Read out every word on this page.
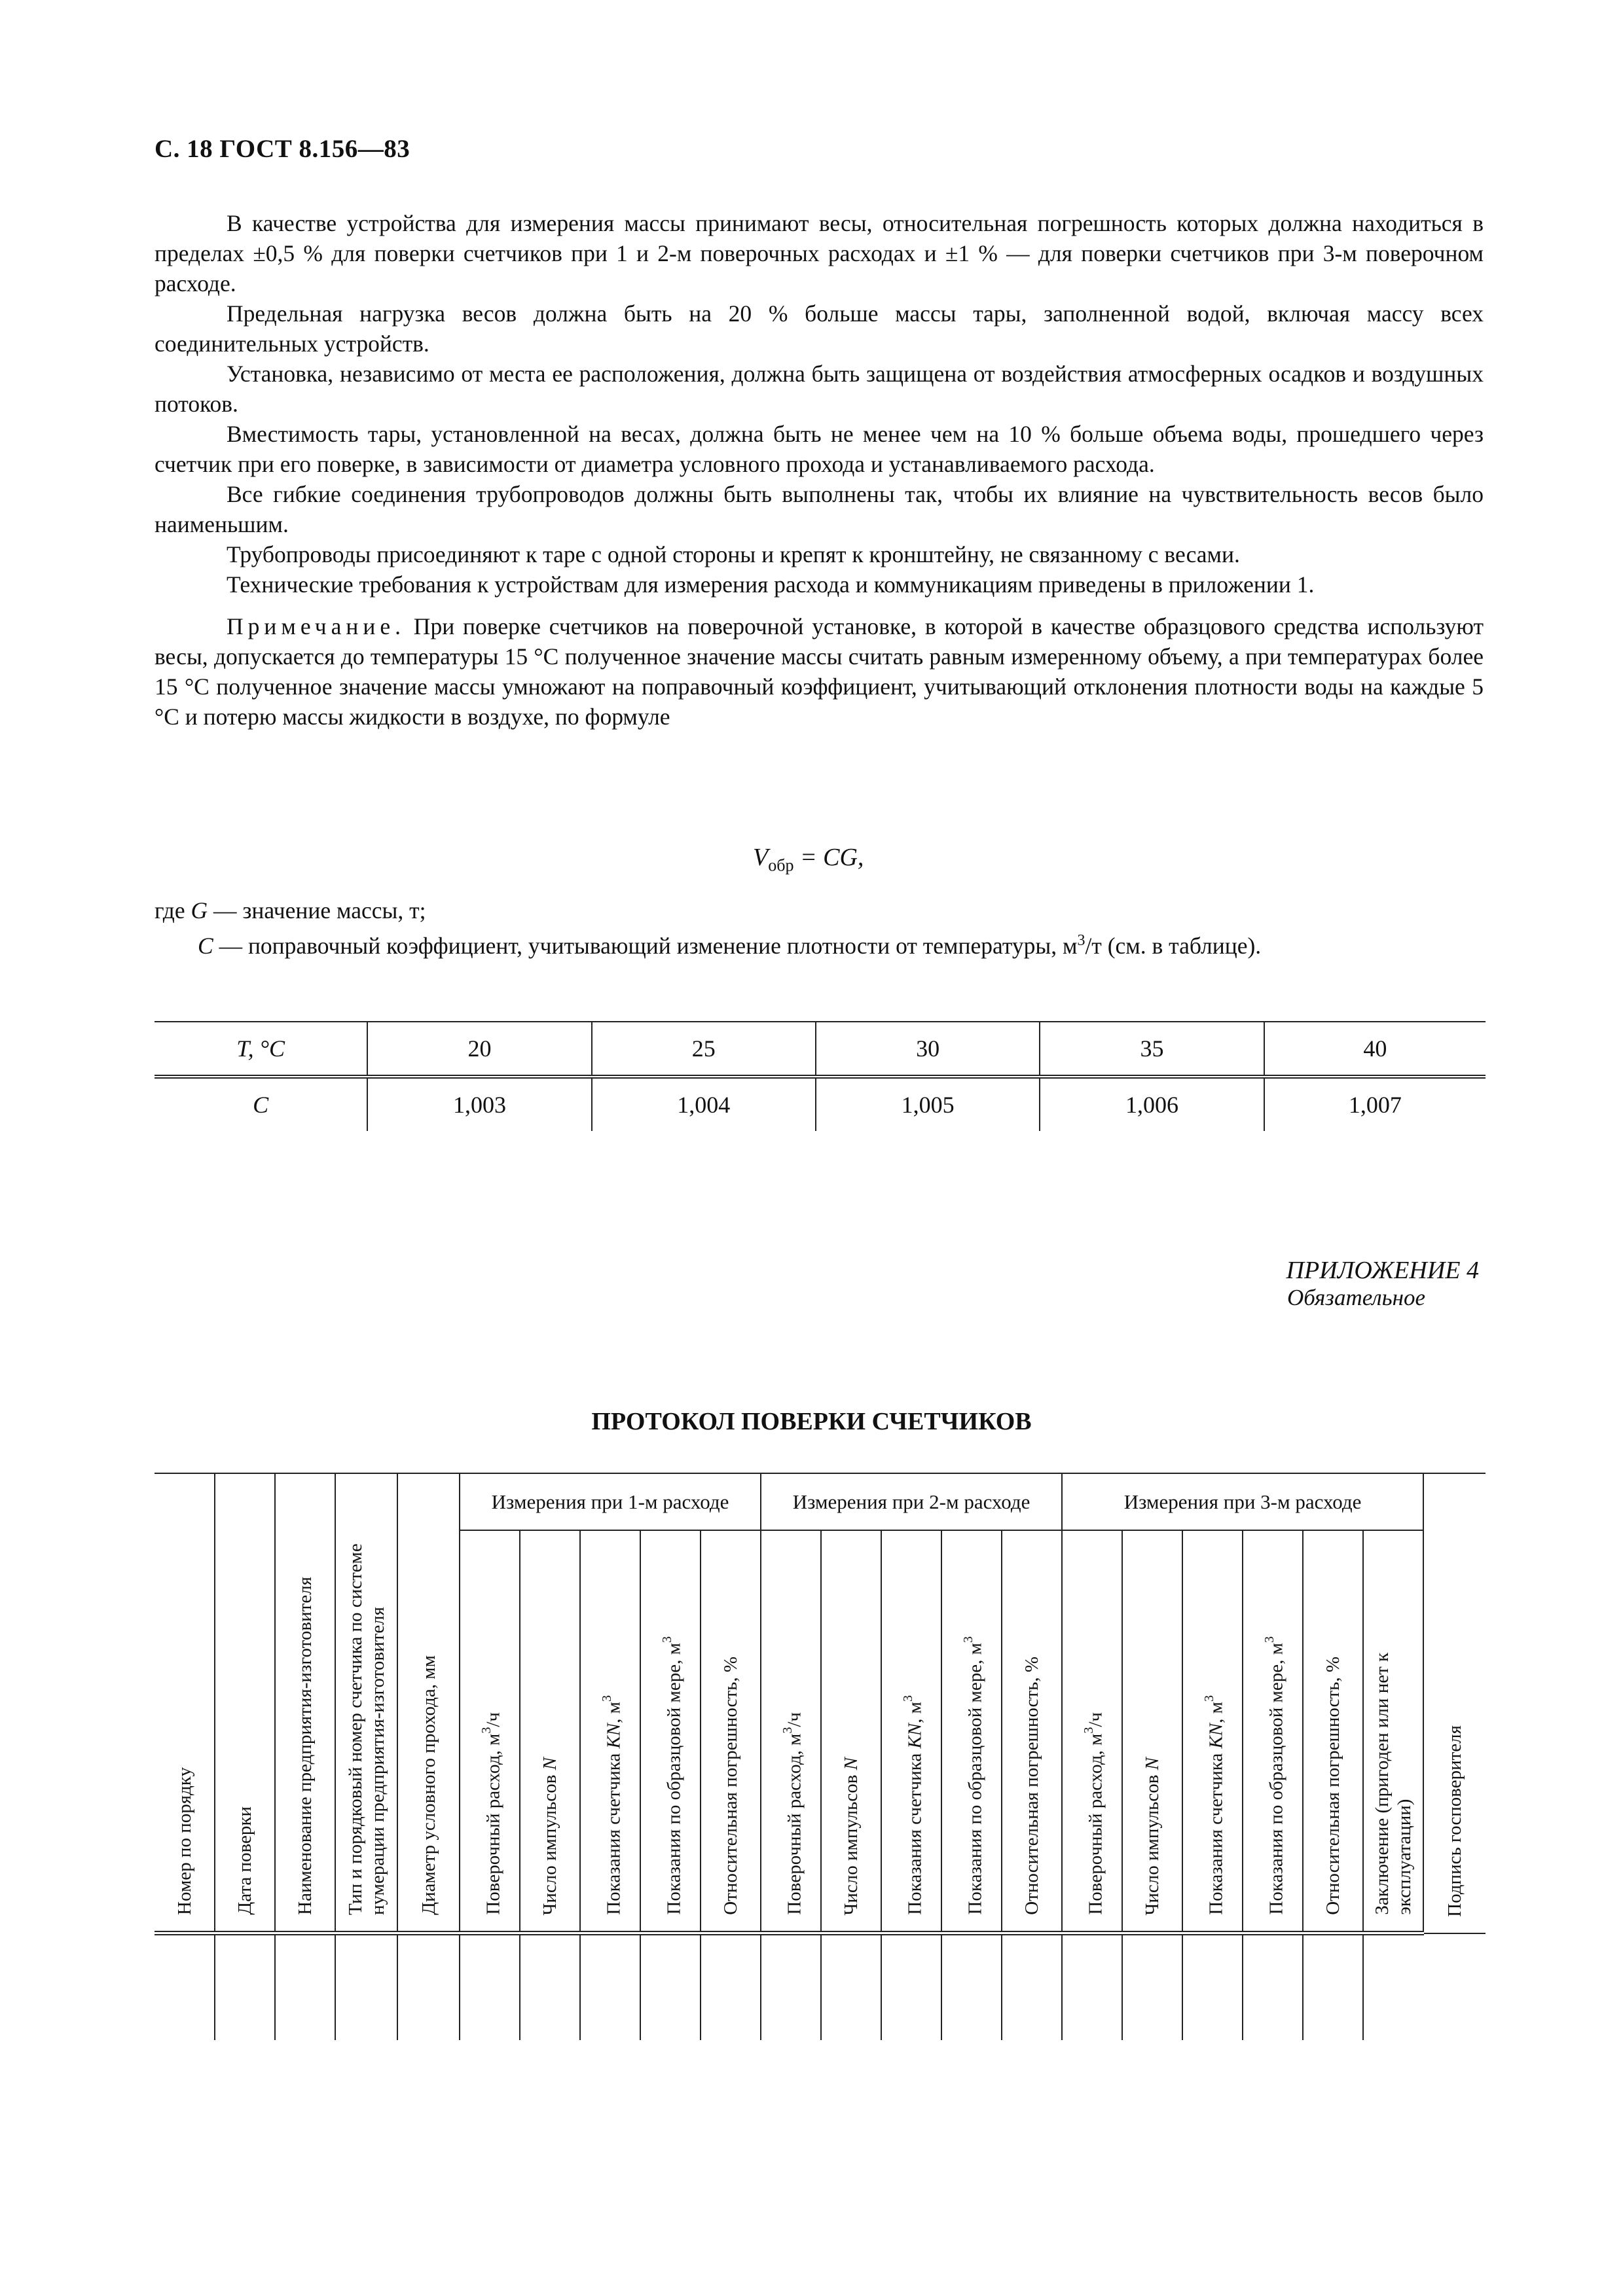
С. 18 ГОСТ 8.156—83

В качестве устройства для измерения массы принимают весы, относительная погрешность которых должна находиться в пределах ±0,5 % для поверки счетчиков при 1 и 2-м поверочных расходах и ±1 % — для поверки счетчиков при 3-м поверочном расходе.

Предельная нагрузка весов должна быть на 20 % больше массы тары, заполненной водой, включая массу всех соединительных устройств.

Установка, независимо от места ее расположения, должна быть защищена от воздействия атмосферных осадков и воздушных потоков.

Вместимость тары, установленной на весах, должна быть не менее чем на 10 % больше объема воды, прошедшего через счетчик при его поверке, в зависимости от диаметра условного прохода и устанавливаемого расхода.

Все гибкие соединения трубопроводов должны быть выполнены так, чтобы их влияние на чувствительность весов было наименьшим.

Трубопроводы присоединяют к таре с одной стороны и крепят к кронштейну, не связанному с весами.

Технические требования к устройствам для измерения расхода и коммуникациям приведены в приложении 1.

Примечание. При поверке счетчиков на поверочной установке, в которой в качестве образцового средства используют весы, допускается до температуры 15 °С полученное значение массы считать равным измеренному объему, а при температурах более 15 °С полученное значение массы умножают на поправочный коэффициент, учитывающий отклонения плотности воды на каждые 5 °С и потерю массы жидкости в воздухе, по формуле

$V_{обр}$ = CG,
где G — значение массы, т;
C — поправочный коэффициент, учитывающий изменение плотности от температуры, $м^3/т$ (см. в таблице).
T, °C	20	25	30	35	40
C	1,003	1,004	1,005	1,006	1,007
ПРИЛОЖЕНИЕ 4
Обязательное
ПРОТОКОЛ ПОВЕРКИ СЧЕТЧИКОВ
Номер по порядку	Дата поверки	Наименование предприятия-изготовителя	Тип и порядковый номер счетчика по системе нумерации предприятия-изготовителя	Диаметр условного прохода, мм	Измерения при 1-м расходе					Измерения при 2-м расходе					Измерения при 3-м расходе						Подпись госповерителя
					Поверочный расход, $м^3/ч$	Число импульсов N	Показания счетчика KN, $м^3$	Показания по образцовой мере, $м^3$	Относительная погрешность, %	Поверочный расход, $м^3/ч$	Число импульсов N	Показания счетчика KN, $м^3$	Показания по образцовой мере, $м^3$	Относительная погрешность, %	Поверочный расход, $м^3/ч$	Число импульсов N	Показания счетчика KN, $м^3$	Показания по образцовой мере, $м^3$	Относительная погрешность, %	Заключение (пригоден или нет к эксплуатации)	
